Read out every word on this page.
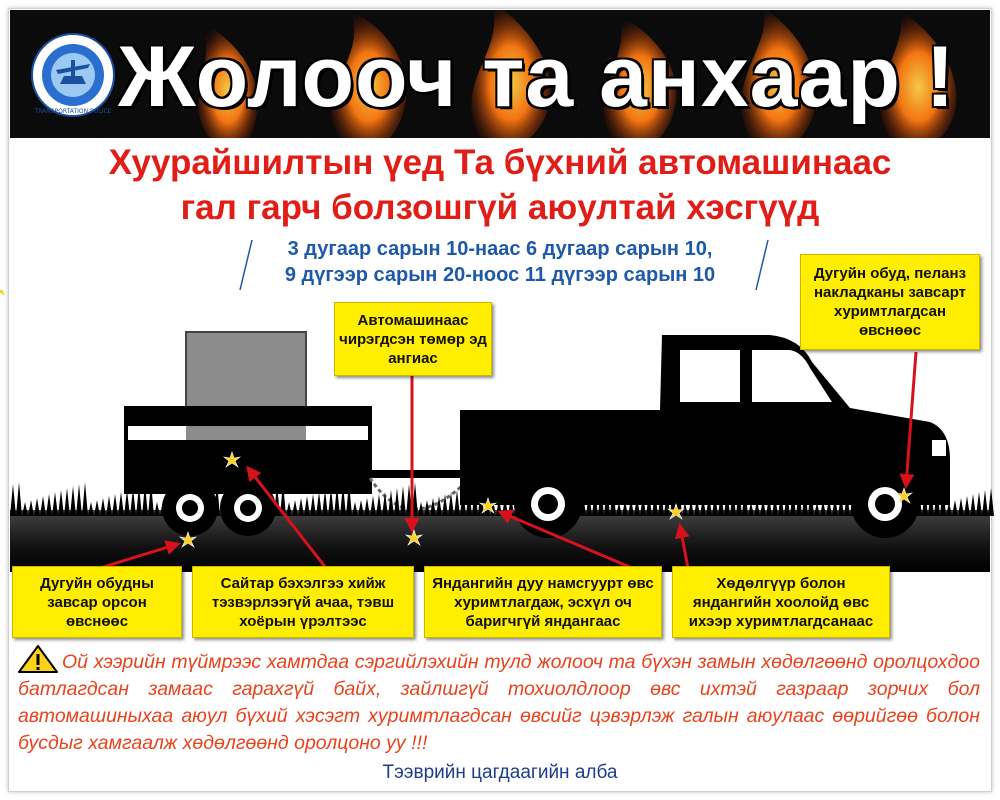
TRANSPORTATION POLICE Жолооч та анхаар !
Хуурайшилтын үед Та бүхний автомашинаас
гал гарч болзошгүй аюултай хэсгүүд
3 дугаар сарын 10-наас 6 дугаар сарын 10,
9 дүгээр сарын 20-ноос 11 дүгээр сарын 10
Автомашинаас чирэгдсэн төмөр эд ангиас
Дугуйн обуд, пеланз накладканы завсарт хуримтлагдсан өвснөөс
Дугуйн обудны завсар орсон өвснөөс
Сайтар бэхэлгээ хийж тэзвэрлээгүй ачаа, тэвш хоёрын үрэлтээс
Яндангийн дуу намсгуурт өвс хуримтлагдаж, эсхүл оч баригчгүй яндангаас
Хөдөлгүүр болон яндангийн хоолойд өвс ихээр хуримтлагдсанаас

Ой хээрийн түймрээс хамтдаа сэргийлэхийн тулд жолооч та бүхэн замын хөдөлгөөнд оролцохдоо батлагдсан замаас гарахгүй байх, зайлшгүй тохиолдлоор өвс ихтэй газраар зорчих бол автомашиныхаа аюул бүхий хэсэгт хуримтлагдсан өвсийг цэвэрлэж галын аюулаас өөрийгөө болон бусдыг хамгаалж хөдөлгөөнд оролцоно уу !!!

Тээврийн цагдаагийн алба
